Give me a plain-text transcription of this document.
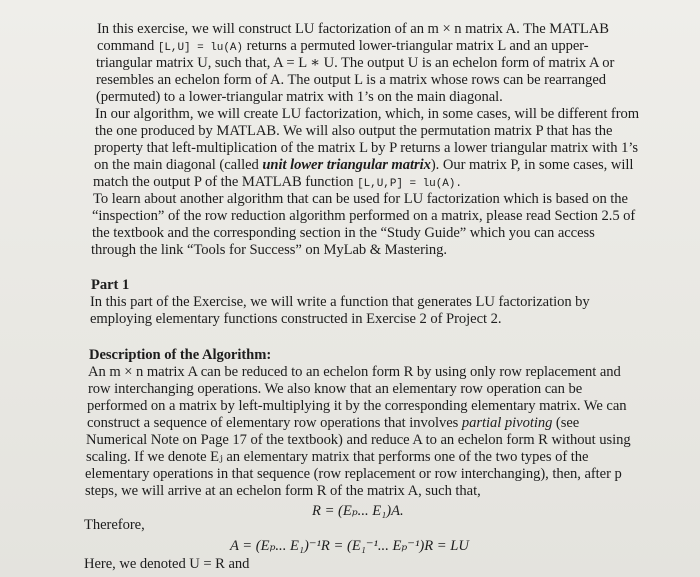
In this exercise, we will construct LU factorization of an m × n matrix A. The MATLAB
command [L,U] = lu(A) returns a permuted lower-triangular matrix L and an upper-
triangular matrix U, such that, A = L ∗ U. The output U is an echelon form of matrix A or
resembles an echelon form of A. The output L is a matrix whose rows can be rearranged
(permuted) to a lower-triangular matrix with 1’s on the main diagonal.
In our algorithm, we will create LU factorization, which, in some cases, will be different from
the one produced by MATLAB. We will also output the permutation matrix P that has the
property that left-multiplication of the matrix L by P returns a lower triangular matrix with 1’s
on the main diagonal (called unit lower triangular matrix). Our matrix P, in some cases, will
match the output P of the MATLAB function [L,U,P] = lu(A).
To learn about another algorithm that can be used for LU factorization which is based on the
“inspection” of the row reduction algorithm performed on a matrix, please read Section 2.5 of
the textbook and the corresponding section in the “Study Guide” which you can access
through the link “Tools for Success” on MyLab & Mastering.
Part 1
In this part of the Exercise, we will write a function that generates LU factorization by
employing elementary functions constructed in Exercise 2 of Project 2.
Description of the Algorithm:
An m × n matrix A can be reduced to an echelon form R by using only row replacement and
row interchanging operations. We also know that an elementary row operation can be
performed on a matrix by left-multiplying it by the corresponding elementary matrix. We can
construct a sequence of elementary row operations that involves partial pivoting (see
Numerical Note on Page 17 of the textbook) and reduce A to an echelon form R without using
scaling. If we denote Eⱼ an elementary matrix that performs one of the two types of the
elementary operations in that sequence (row replacement or row interchanging), then, after p
steps, we will arrive at an echelon form R of the matrix A, such that,
R = (Eₚ... E₁)A.
Therefore,
A = (Eₚ... E₁)⁻¹R = (E₁⁻¹... Eₚ⁻¹)R = LU
Here, we denoted U = R and
